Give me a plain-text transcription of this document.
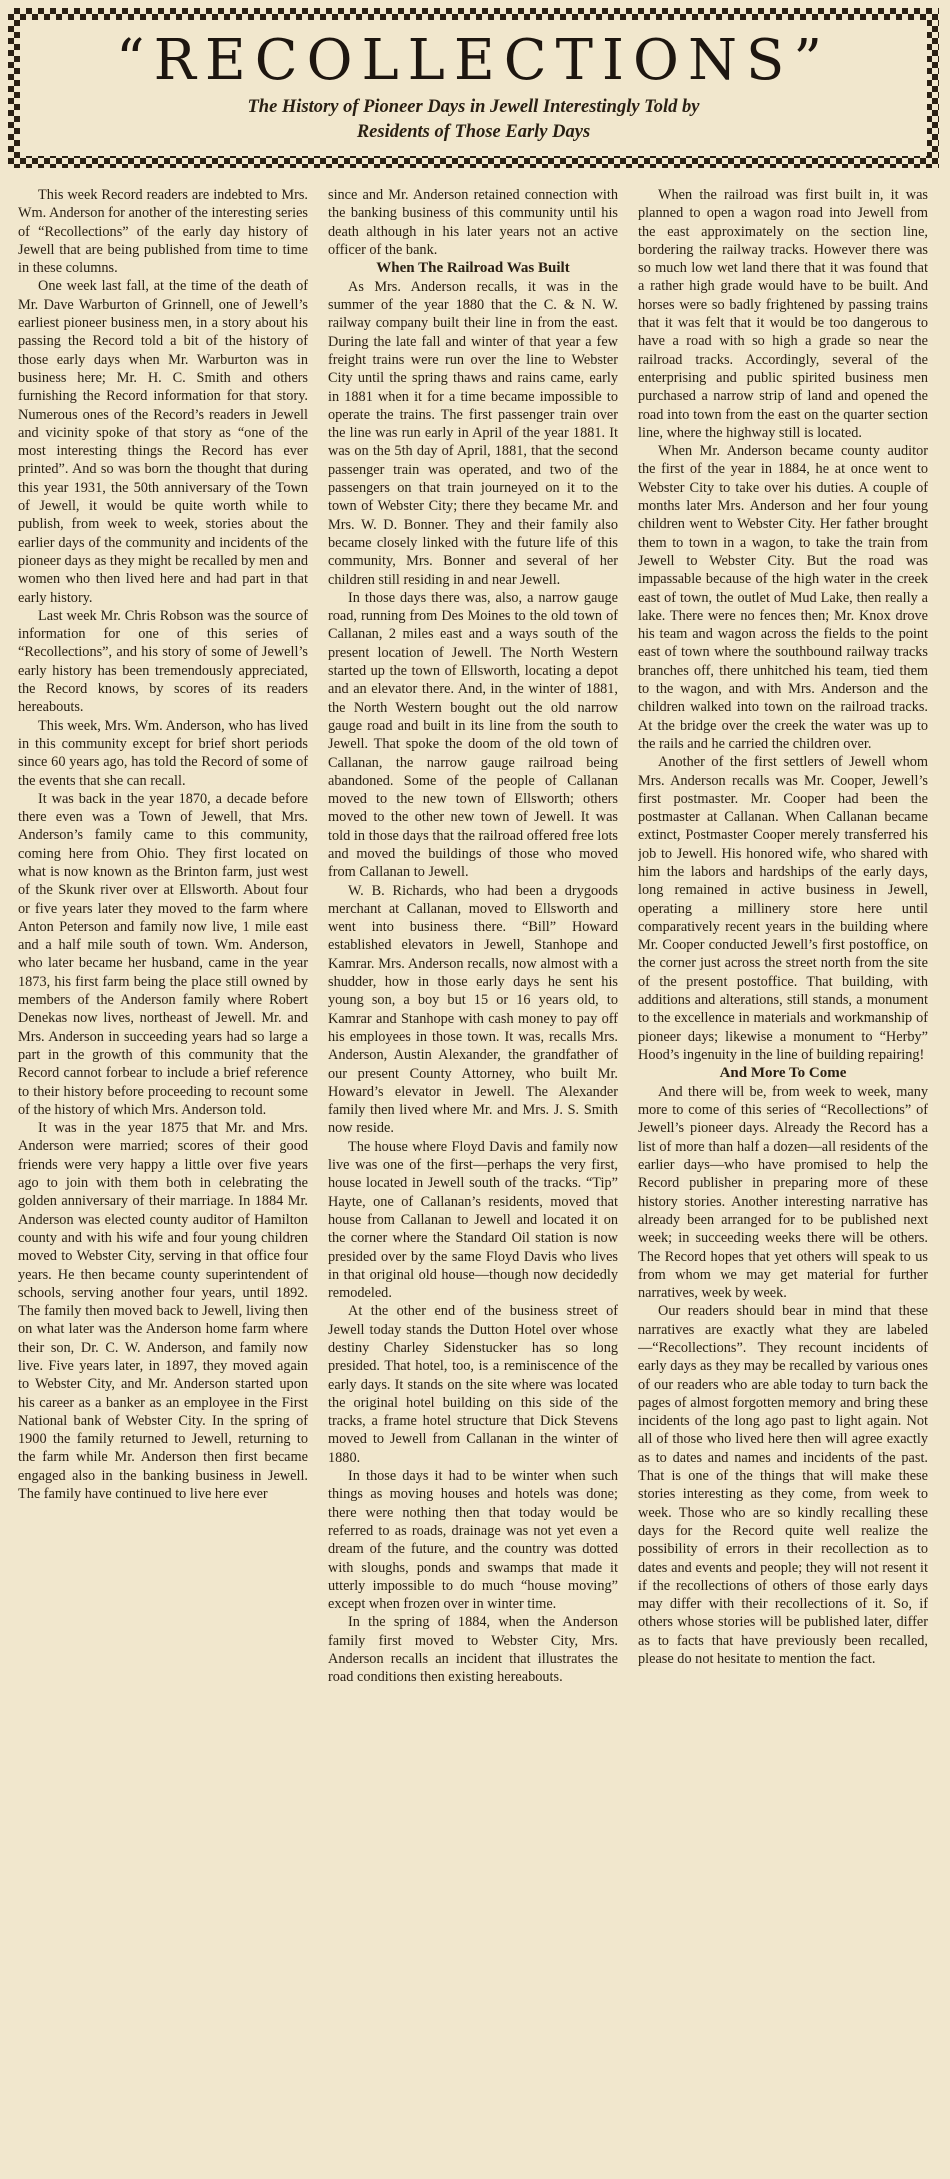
“RECOLLECTIONS”
The History of Pioneer Days in Jewell Interestingly Told by
Residents of Those Early Days

This week Record readers are indebted to Mrs. Wm. Anderson for another of the interesting series of “Recollections” of the early day history of Jewell that are being published from time to time in these columns.

One week last fall, at the time of the death of Mr. Dave Warburton of Grinnell, one of Jewell’s earliest pioneer business men, in a story about his passing the Record told a bit of the history of those early days when Mr. Warburton was in business here; Mr. H. C. Smith and others furnishing the Record information for that story. Numerous ones of the Record’s readers in Jewell and vicinity spoke of that story as “one of the most interesting things the Record has ever printed”. And so was born the thought that during this year 1931, the 50th anniversary of the Town of Jewell, it would be quite worth while to publish, from week to week, stories about the earlier days of the community and incidents of the pioneer days as they might be recalled by men and women who then lived here and had part in that early history.

Last week Mr. Chris Robson was the source of information for one of this series of “Recollections”, and his story of some of Jewell’s early history has been tremendously appreciated, the Record knows, by scores of its readers hereabouts.

This week, Mrs. Wm. Anderson, who has lived in this community except for brief short periods since 60 years ago, has told the Record of some of the events that she can recall.

It was back in the year 1870, a decade before there even was a Town of Jewell, that Mrs. Anderson’s family came to this community, coming here from Ohio. They first located on what is now known as the Brinton farm, just west of the Skunk river over at Ellsworth. About four or five years later they moved to the farm where Anton Peterson and family now live, 1 mile east and a half mile south of town. Wm. Anderson, who later became her husband, came in the year 1873, his first farm being the place still owned by members of the Anderson family where Robert Denekas now lives, northeast of Jewell. Mr. and Mrs. Anderson in succeeding years had so large a part in the growth of this community that the Record cannot forbear to include a brief reference to their history before proceeding to recount some of the history of which Mrs. Anderson told.

It was in the year 1875 that Mr. and Mrs. Anderson were married; scores of their good friends were very happy a little over five years ago to join with them both in celebrating the golden anniversary of their marriage. In 1884 Mr. Anderson was elected county auditor of Hamilton county and with his wife and four young children moved to Webster City, serving in that office four years. He then became county superintendent of schools, serving another four years, until 1892. The family then moved back to Jewell, living then on what later was the Anderson home farm where their son, Dr. C. W. Anderson, and family now live. Five years later, in 1897, they moved again to Webster City, and Mr. Anderson started upon his career as a banker as an employee in the First National bank of Webster City. In the spring of 1900 the family returned to Jewell, returning to the farm while Mr. Anderson then first became engaged also in the banking business in Jewell. The family have continued to live here ever

since and Mr. Anderson retained connection with the banking business of this community until his death although in his later years not an active officer of the bank.

When The Railroad Was Built

As Mrs. Anderson recalls, it was in the summer of the year 1880 that the C. & N. W. railway company built their line in from the east. During the late fall and winter of that year a few freight trains were run over the line to Webster City until the spring thaws and rains came, early in 1881 when it for a time became impossible to operate the trains. The first passenger train over the line was run early in April of the year 1881. It was on the 5th day of April, 1881, that the second passenger train was operated, and two of the passengers on that train journeyed on it to the town of Webster City; there they became Mr. and Mrs. W. D. Bonner. They and their family also became closely linked with the future life of this community, Mrs. Bonner and several of her children still residing in and near Jewell.

In those days there was, also, a narrow gauge road, running from Des Moines to the old town of Callanan, 2 miles east and a ways south of the present location of Jewell. The North Western started up the town of Ellsworth, locating a depot and an elevator there. And, in the winter of 1881, the North Western bought out the old narrow gauge road and built in its line from the south to Jewell. That spoke the doom of the old town of Callanan, the narrow gauge railroad being abandoned. Some of the people of Callanan moved to the new town of Ellsworth; others moved to the other new town of Jewell. It was told in those days that the railroad offered free lots and moved the buildings of those who moved from Callanan to Jewell.

W. B. Richards, who had been a drygoods merchant at Callanan, moved to Ellsworth and went into business there. “Bill” Howard established elevators in Jewell, Stanhope and Kamrar. Mrs. Anderson recalls, now almost with a shudder, how in those early days he sent his young son, a boy but 15 or 16 years old, to Kamrar and Stanhope with cash money to pay off his employees in those town. It was, recalls Mrs. Anderson, Austin Alexander, the grandfather of our present County Attorney, who built Mr. Howard’s elevator in Jewell. The Alexander family then lived where Mr. and Mrs. J. S. Smith now reside.

The house where Floyd Davis and family now live was one of the first—perhaps the very first, house located in Jewell south of the tracks. “Tip” Hayte, one of Callanan’s residents, moved that house from Callanan to Jewell and located it on the corner where the Standard Oil station is now presided over by the same Floyd Davis who lives in that original old house—though now decidedly remodeled.

At the other end of the business street of Jewell today stands the Dutton Hotel over whose destiny Charley Sidenstucker has so long presided. That hotel, too, is a reminiscence of the early days. It stands on the site where was located the original hotel building on this side of the tracks, a frame hotel structure that Dick Stevens moved to Jewell from Callanan in the winter of 1880.

In those days it had to be winter when such things as moving houses and hotels was done; there were nothing then that today would be referred to as roads, drainage was not yet even a dream of the future, and the country was dotted with sloughs, ponds and swamps that made it utterly impossible to do much “house moving” except when frozen over in winter time.

In the spring of 1884, when the Anderson family first moved to Webster City, Mrs. Anderson recalls an incident that illustrates the road conditions then existing hereabouts.

When the railroad was first built in, it was planned to open a wagon road into Jewell from the east approximately on the section line, bordering the railway tracks. However there was so much low wet land there that it was found that a rather high grade would have to be built. And horses were so badly frightened by passing trains that it was felt that it would be too dangerous to have a road with so high a grade so near the railroad tracks. Accordingly, several of the enterprising and public spirited business men purchased a narrow strip of land and opened the road into town from the east on the quarter section line, where the highway still is located.

When Mr. Anderson became county auditor the first of the year in 1884, he at once went to Webster City to take over his duties. A couple of months later Mrs. Anderson and her four young children went to Webster City. Her father brought them to town in a wagon, to take the train from Jewell to Webster City. But the road was impassable because of the high water in the creek east of town, the outlet of Mud Lake, then really a lake. There were no fences then; Mr. Knox drove his team and wagon across the fields to the point east of town where the southbound railway tracks branches off, there unhitched his team, tied them to the wagon, and with Mrs. Anderson and the children walked into town on the railroad tracks. At the bridge over the creek the water was up to the rails and he carried the children over.

Another of the first settlers of Jewell whom Mrs. Anderson recalls was Mr. Cooper, Jewell’s first postmaster. Mr. Cooper had been the postmaster at Callanan. When Callanan became extinct, Postmaster Cooper merely transferred his job to Jewell. His honored wife, who shared with him the labors and hardships of the early days, long remained in active business in Jewell, operating a millinery store here until comparatively recent years in the building where Mr. Cooper conducted Jewell’s first postoffice, on the corner just across the street north from the site of the present postoffice. That building, with additions and alterations, still stands, a monument to the excellence in materials and workmanship of pioneer days; likewise a monument to “Herby” Hood’s ingenuity in the line of building repairing!

And More To Come

And there will be, from week to week, many more to come of this series of “Recollections” of Jewell’s pioneer days. Already the Record has a list of more than half a dozen—all residents of the earlier days—who have promised to help the Record publisher in preparing more of these history stories. Another interesting narrative has already been arranged for to be published next week; in succeeding weeks there will be others. The Record hopes that yet others will speak to us from whom we may get material for further narratives, week by week.

Our readers should bear in mind that these narratives are exactly what they are labeled—“Recollections”. They recount incidents of early days as they may be recalled by various ones of our readers who are able today to turn back the pages of almost forgotten memory and bring these incidents of the long ago past to light again. Not all of those who lived here then will agree exactly as to dates and names and incidents of the past. That is one of the things that will make these stories interesting as they come, from week to week. Those who are so kindly recalling these days for the Record quite well realize the possibility of errors in their recollection as to dates and events and people; they will not resent it if the recollections of others of those early days may differ with their recollections of it. So, if others whose stories will be published later, differ as to facts that have previously been recalled, please do not hesitate to mention the fact.
